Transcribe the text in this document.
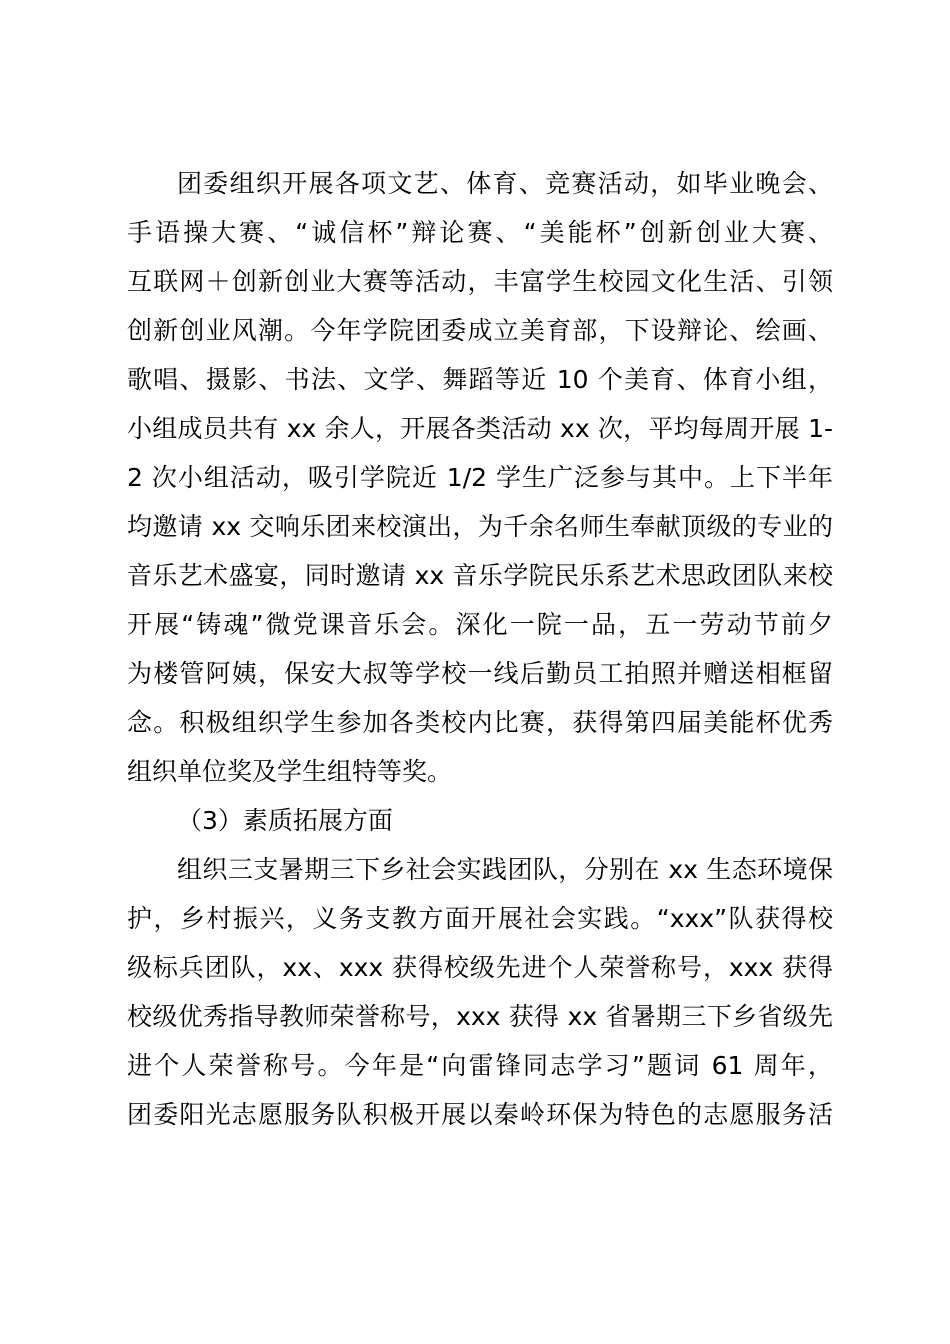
团委组织开展各项文艺、体育、竞赛活动，如毕业晚会、
手语操大赛、“诚信杯”辩论赛、“美能杯”创新创业大赛、
互联网＋创新创业大赛等活动，丰富学生校园文化生活、引领
创新创业风潮。今年学院团委成立美育部，下设辩论、绘画、
歌唱、摄影、书法、文学、舞蹈等近 10 个美育、体育小组，
小组成员共有 xx 余人，开展各类活动 xx 次，平均每周开展 1-
2 次小组活动，吸引学院近 1/2 学生广泛参与其中。上下半年
均邀请 xx 交响乐团来校演出，为千余名师生奉献顶级的专业的
音乐艺术盛宴，同时邀请 xx 音乐学院民乐系艺术思政团队来校
开展“铸魂”微党课音乐会。深化一院一品，五一劳动节前夕
为楼管阿姨，保安大叔等学校一线后勤员工拍照并赠送相框留
念。积极组织学生参加各类校内比赛，获得第四届美能杯优秀
组织单位奖及学生组特等奖。
（3）素质拓展方面
组织三支暑期三下乡社会实践团队，分别在 xx 生态环境保
护，乡村振兴，义务支教方面开展社会实践。“xxx”队获得校
级标兵团队，xx、xxx 获得校级先进个人荣誉称号，xxx 获得
校级优秀指导教师荣誉称号，xxx 获得 xx 省暑期三下乡省级先
进个人荣誉称号。今年是“向雷锋同志学习”题词 61 周年，
团委阳光志愿服务队积极开展以秦岭环保为特色的志愿服务活
